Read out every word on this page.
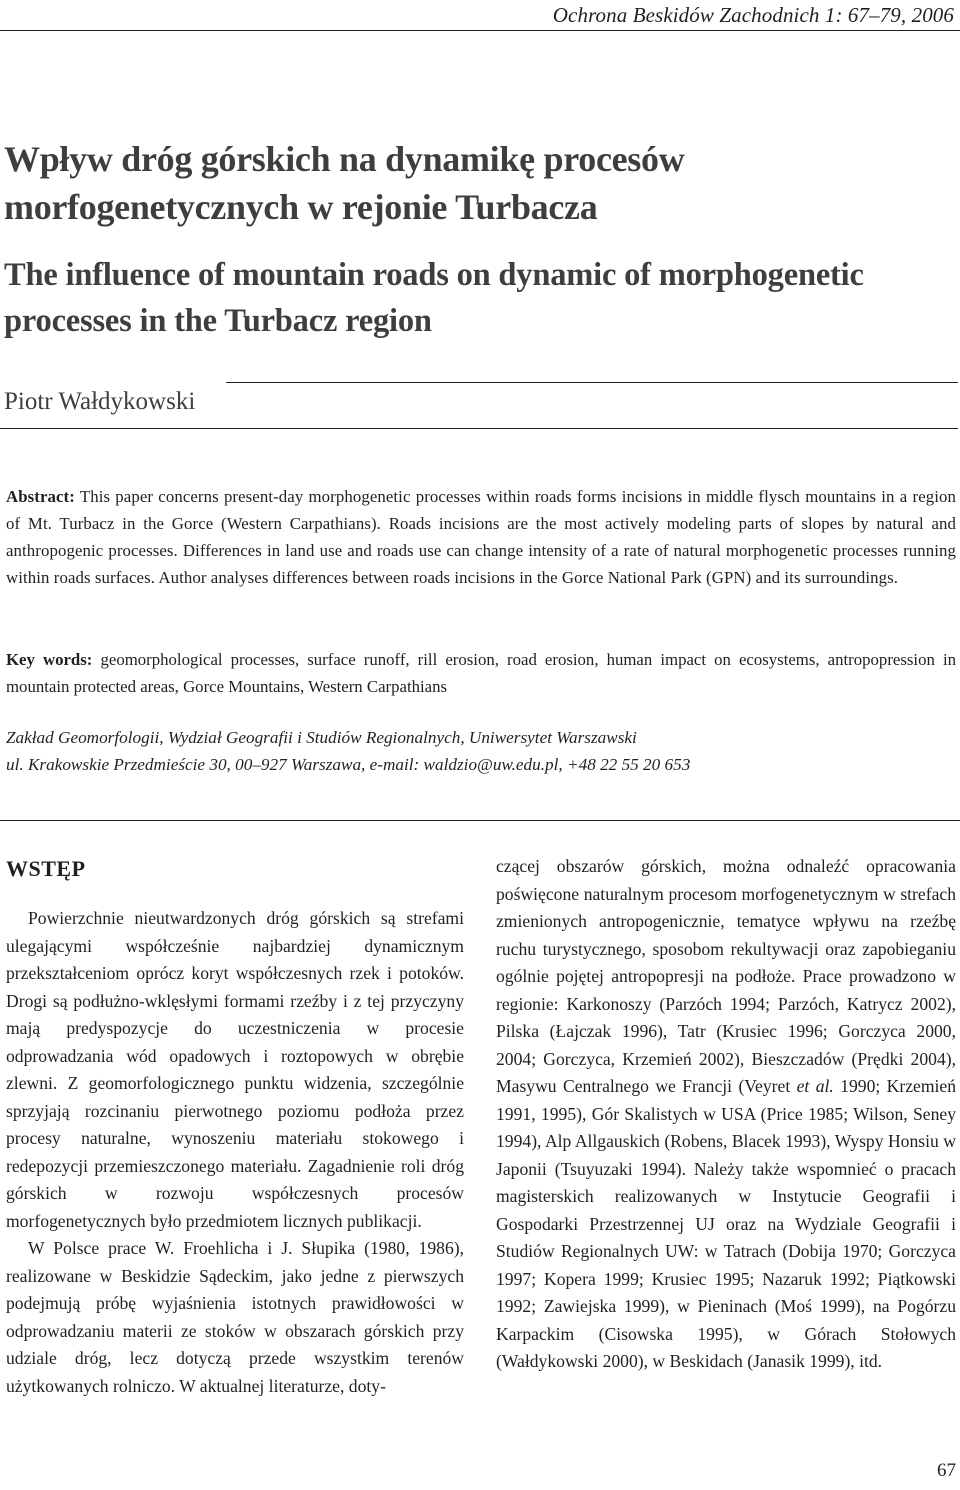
Ochrona Beskidów Zachodnich 1: 67–79, 2006
Wpływ dróg górskich na dynamikę procesów morfogenetycznych w rejonie Turbacza
The influence of mountain roads on dynamic of morphogenetic processes in the Turbacz region
Piotr Wałdykowski
Abstract: This paper concerns present-day morphogenetic processes within roads forms incisions in middle flysch mountains in a region of Mt. Turbacz in the Gorce (Western Carpathians). Roads incisions are the most actively modeling parts of slopes by natural and anthropogenic processes. Differences in land use and roads use can change intensity of a rate of natural morphogenetic processes running within roads surfaces. Author analyses differences between roads incisions in the Gorce National Park (GPN) and its surroundings.
Key words: geomorphological processes, surface runoff, rill erosion, road erosion, human impact on ecosystems, antropopression in mountain protected areas, Gorce Mountains, Western Carpathians
Zakład Geomorfologii, Wydział Geografii i Studiów Regionalnych, Uniwersytet Warszawski
ul. Krakowskie Przedmieście 30, 00–927 Warszawa, e-mail: waldzio@uw.edu.pl, +48 22 55 20 653
WSTĘP

Powierzchnie nieutwardzonych dróg górskich są strefami ulegającymi współcześnie najbardziej dynamicznym przekształceniom oprócz koryt współczesnych rzek i potoków. Drogi są podłużno-wklęsłymi formami rzeźby i z tej przyczyny mają predyspozycje do uczestniczenia w procesie odprowadzania wód opadowych i roztopowych w obrębie zlewni. Z geomorfologicznego punktu widzenia, szczególnie sprzyjają rozcinaniu pierwotnego poziomu podłoża przez procesy naturalne, wynoszeniu materiału stokowego i redepozycji przemieszczonego materiału. Zagadnienie roli dróg górskich w rozwoju współczesnych procesów morfogenetycznych było przedmiotem licznych publikacji.

W Polsce prace W. Froehlicha i J. Słupika (1980, 1986), realizowane w Beskidzie Sądeckim, jako jedne z pierwszych podejmują próbę wyjaśnienia istotnych prawidłowości w odprowadzaniu materii ze stoków w obszarach górskich przy udziale dróg, lecz dotyczą przede wszystkim terenów użytkowanych rolniczo. W aktualnej literaturze, doty-

czącej obszarów górskich, można odnaleźć opracowania poświęcone naturalnym procesom morfogenetycznym w strefach zmienionych antropogenicznie, tematyce wpływu na rzeźbę ruchu turystycznego, sposobom rekultywacji oraz zapobieganiu ogólnie pojętej antropopresji na podłoże. Prace prowadzono w regionie: Karkonoszy (Parzóch 1994; Parzóch, Katrycz 2002), Pilska (Łajczak 1996), Tatr (Krusiec 1996; Gorczyca 2000, 2004; Gorczyca, Krzemień 2002), Bieszczadów (Prędki 2004), Masywu Centralnego we Francji (Veyret et al. 1990; Krzemień 1991, 1995), Gór Skalistych w USA (Price 1985; Wilson, Seney 1994), Alp Allgauskich (Robens, Blacek 1993), Wyspy Honsiu w Japonii (Tsuyuzaki 1994). Należy także wspomnieć o pracach magisterskich realizowanych w Instytucie Geografii i Gospodarki Przestrzennej UJ oraz na Wydziale Geografii i Studiów Regionalnych UW: w Tatrach (Dobija 1970; Gorczyca 1997; Kopera 1999; Krusiec 1995; Nazaruk 1992; Piątkowski 1992; Zawiejska 1999), w Pieninach (Moś 1999), na Pogórzu Karpackim (Cisowska 1995), w Górach Stołowych (Wałdykowski 2000), w Beskidach (Janasik 1999), itd.

67
